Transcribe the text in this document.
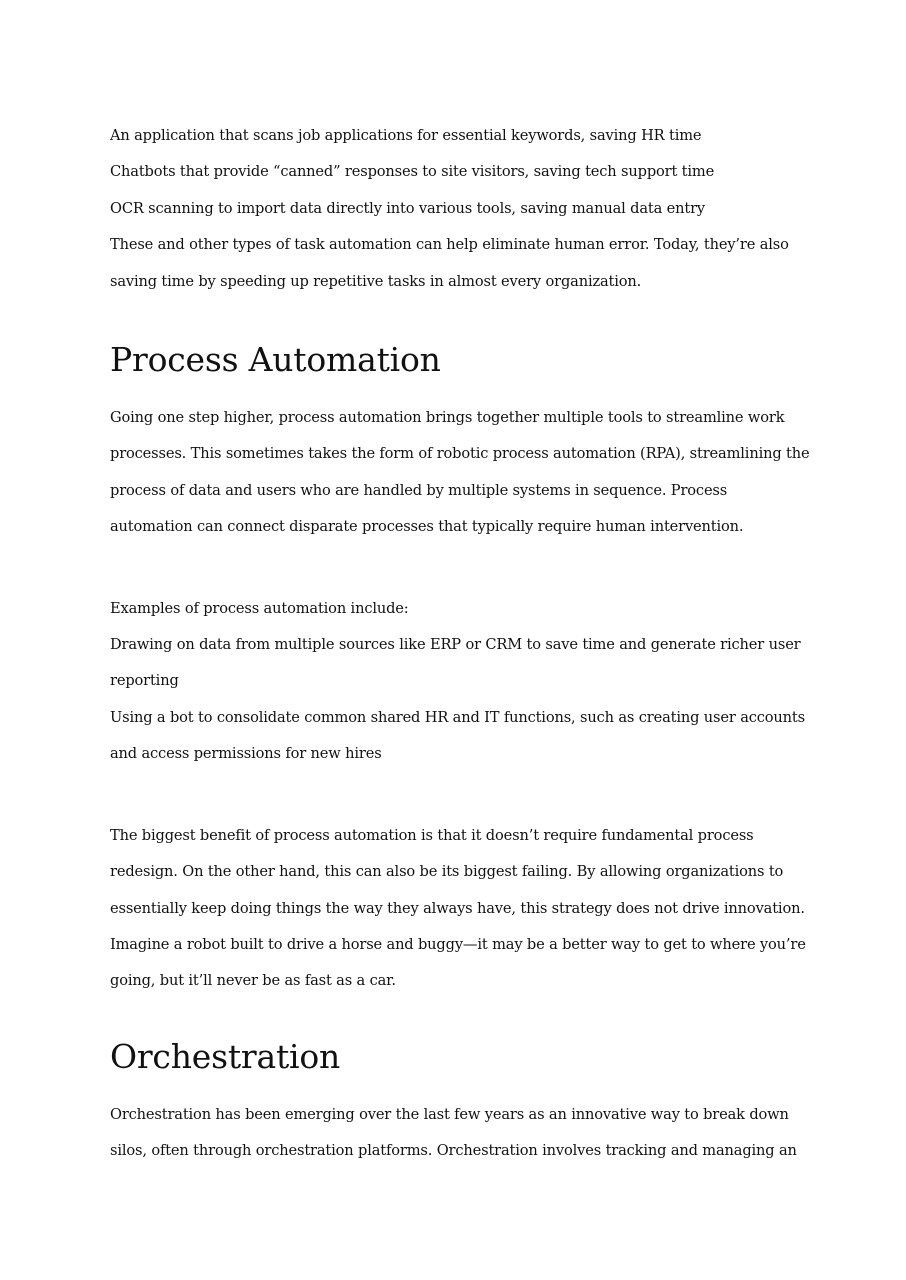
An application that scans job applications for essential keywords, saving HR time

Chatbots that provide “canned” responses to site visitors, saving tech support time

OCR scanning to import data directly into various tools, saving manual data entry

These and other types of task automation can help eliminate human error. Today, they’re also

saving time by speeding up repetitive tasks in almost every organization.

Process Automation

Going one step higher, process automation brings together multiple tools to streamline work

processes. This sometimes takes the form of robotic process automation (RPA), streamlining the

process of data and users who are handled by multiple systems in sequence. Process

automation can connect disparate processes that typically require human intervention.

Examples of process automation include:

Drawing on data from multiple sources like ERP or CRM to save time and generate richer user

reporting

Using a bot to consolidate common shared HR and IT functions, such as creating user accounts

and access permissions for new hires

The biggest benefit of process automation is that it doesn’t require fundamental process

redesign. On the other hand, this can also be its biggest failing. By allowing organizations to

essentially keep doing things the way they always have, this strategy does not drive innovation.

Imagine a robot built to drive a horse and buggy—it may be a better way to get to where you’re

going, but it’ll never be as fast as a car.

Orchestration

Orchestration has been emerging over the last few years as an innovative way to break down

silos, often through orchestration platforms. Orchestration involves tracking and managing an
